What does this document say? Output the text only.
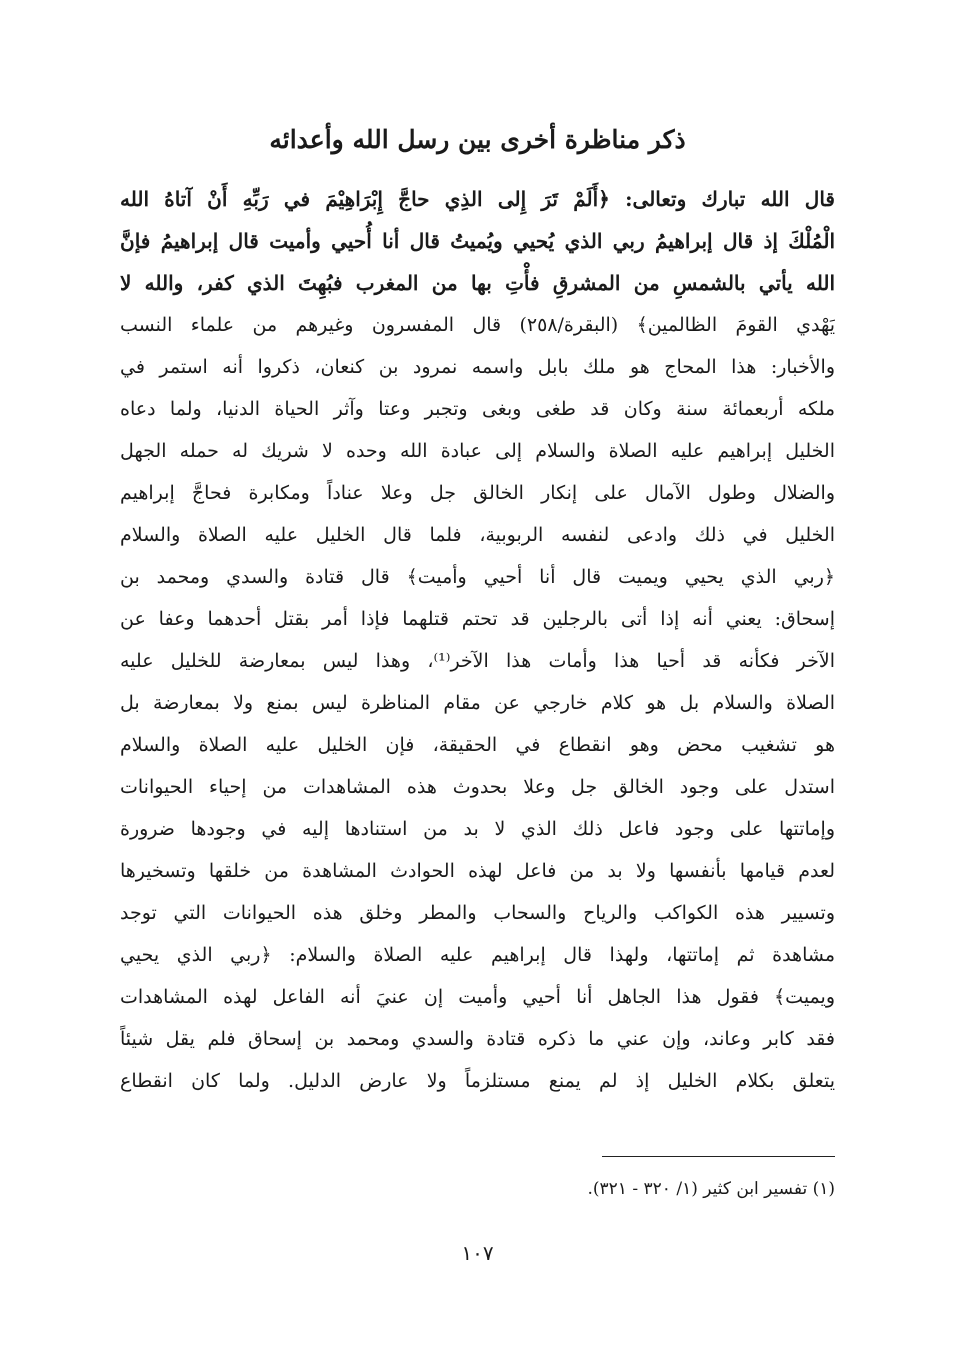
ذكر مناظرة أخرى بين رسل الله وأعدائه
قال الله تبارك وتعالى: ﴿أَلَمْ تَرَ إِلى الذِي حاجَّ إِبْرَاهِيْمَ في رَبِّهِ أَنْ آتاهُ الله
الْمُلْكَ إذ قال إبراهيمُ ربي الذي يُحيي ويُميتُ قال أنا أُحيي وأميت قال إبراهيمُ فإنَّ
الله يأتي بالشمسِ من المشرقِ فأْتِ بها من المغرب فبُهِتَ الذي كفر، والله لا
يَهْدي القومَ الظالمين﴾ (البقرة/٢٥٨) قال المفسرون وغيرهم من علماء النسب
والأخبار: هذا المحاج هو ملك بابل واسمه نمرود بن كنعان، ذكروا أنه استمر في
ملكه أربعمائة سنة وكان قد طغى وبغى وتجبر وعتا وآثر الحياة الدنيا، ولما دعاه
الخليل إبراهيم عليه الصلاة والسلام إلى عبادة الله وحده لا شريك له حمله الجهل
والضلال وطول الآمال على إنكار الخالق جل وعلا عناداً ومكابرة فحاجَّ إبراهيم
الخليل في ذلك وادعى لنفسه الربوبية، فلما قال الخليل عليه الصلاة والسلام
﴿ربي الذي يحيي ويميت قال أنا أحيي وأميت﴾ قال قتادة والسدي ومحمد بن
إسحاق: يعني أنه إذا أتى بالرجلين قد تحتم قتلهما فإذا أمر بقتل أحدهما وعفا عن
الآخر فكأنه قد أحيا هذا وأمات هذا الآخر⁽¹⁾، وهذا ليس بمعارضة للخليل عليه
الصلاة والسلام بل هو كلام خارجي عن مقام المناظرة ليس بمنع ولا بمعارضة بل
هو تشغيب محض وهو انقطاع في الحقيقة، فإن الخليل عليه الصلاة والسلام
استدل على وجود الخالق جل وعلا بحدوث هذه المشاهدات من إحياء الحيوانات
وإماتتها على وجود فاعل ذلك الذي لا بد من استنادها إليه في وجودها ضرورة
لعدم قيامها بأنفسها ولا بد من فاعل لهذه الحوادث المشاهدة من خلقها وتسخيرها
وتسيير هذه الكواكب والرياح والسحاب والمطر وخلق هذه الحيوانات التي توجد
مشاهدة ثم إماتتها، ولهذا قال إبراهيم عليه الصلاة والسلام: ﴿ربي الذي يحيي
ويميت﴾ فقول هذا الجاهل أنا أحيي وأميت إن عنيَ أنه الفاعل لهذه المشاهدات
فقد كابر وعاند، وإن عني ما ذكره قتادة والسدي ومحمد بن إسحاق فلم يقل شيئاً
يتعلق بكلام الخليل إذ لم يمنع مستلزماً ولا عارض الدليل. ولما كان انقطاع
(١) تفسير ابن كثير (١/ ٣٢٠ - ٣٢١).
١٠٧
